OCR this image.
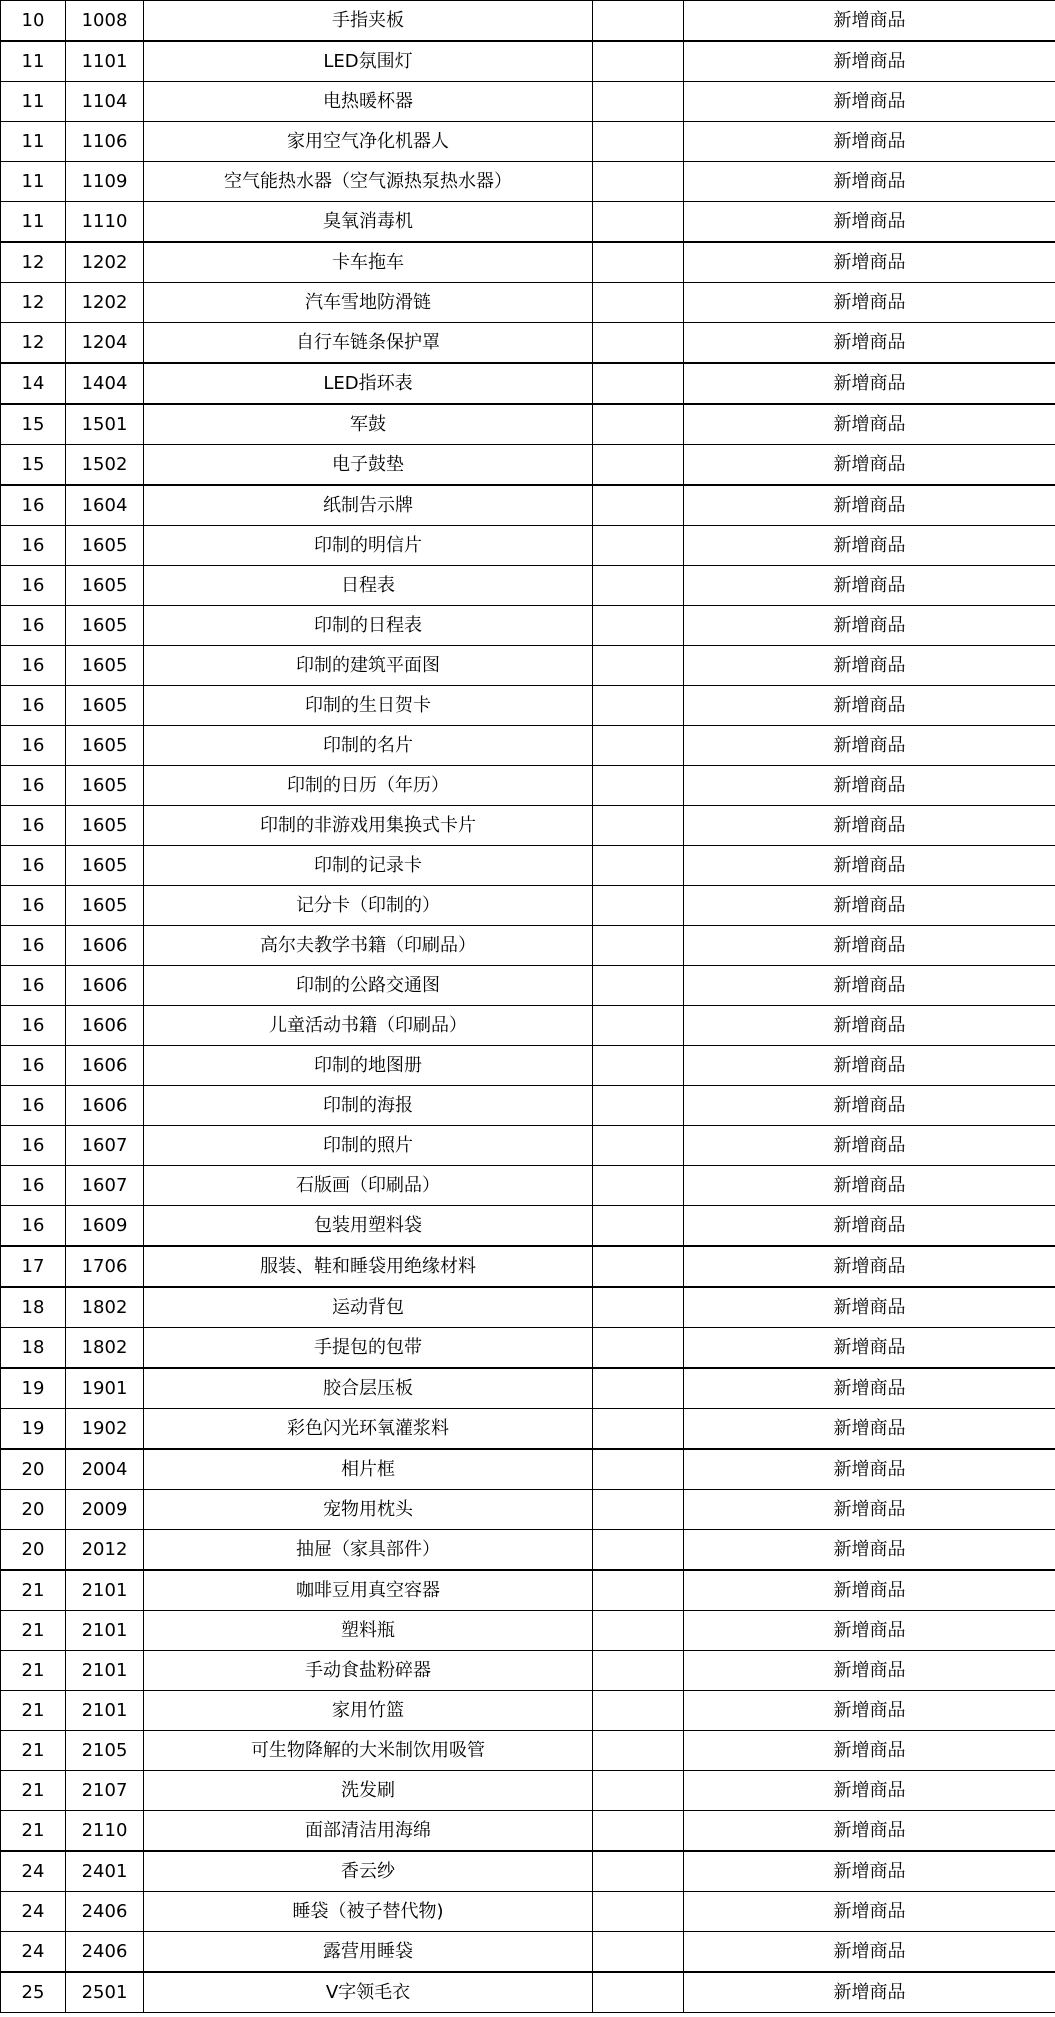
10	1008	手指夹板		新增商品
11	1101	LED氛围灯		新增商品
11	1104	电热暖杯器		新增商品
11	1106	家用空气净化机器人		新增商品
11	1109	空气能热水器（空气源热泵热水器）		新增商品
11	1110	臭氧消毒机		新增商品
12	1202	卡车拖车		新增商品
12	1202	汽车雪地防滑链		新增商品
12	1204	自行车链条保护罩		新增商品
14	1404	LED指环表		新增商品
15	1501	军鼓		新增商品
15	1502	电子鼓垫		新增商品
16	1604	纸制告示牌		新增商品
16	1605	印制的明信片		新增商品
16	1605	日程表		新增商品
16	1605	印制的日程表		新增商品
16	1605	印制的建筑平面图		新增商品
16	1605	印制的生日贺卡		新增商品
16	1605	印制的名片		新增商品
16	1605	印制的日历（年历）		新增商品
16	1605	印制的非游戏用集换式卡片		新增商品
16	1605	印制的记录卡		新增商品
16	1605	记分卡（印制的）		新增商品
16	1606	高尔夫教学书籍（印刷品）		新增商品
16	1606	印制的公路交通图		新增商品
16	1606	儿童活动书籍（印刷品）		新增商品
16	1606	印制的地图册		新增商品
16	1606	印制的海报		新增商品
16	1607	印制的照片		新增商品
16	1607	石版画（印刷品）		新增商品
16	1609	包装用塑料袋		新增商品
17	1706	服装、鞋和睡袋用绝缘材料		新增商品
18	1802	运动背包		新增商品
18	1802	手提包的包带		新增商品
19	1901	胶合层压板		新增商品
19	1902	彩色闪光环氧灌浆料		新增商品
20	2004	相片框		新增商品
20	2009	宠物用枕头		新增商品
20	2012	抽屉（家具部件）		新增商品
21	2101	咖啡豆用真空容器		新增商品
21	2101	塑料瓶		新增商品
21	2101	手动食盐粉碎器		新增商品
21	2101	家用竹篮		新增商品
21	2105	可生物降解的大米制饮用吸管		新增商品
21	2107	洗发刷		新增商品
21	2110	面部清洁用海绵		新增商品
24	2401	香云纱		新增商品
24	2406	睡袋（被子替代物)		新增商品
24	2406	露营用睡袋		新增商品
25	2501	V字领毛衣		新增商品
